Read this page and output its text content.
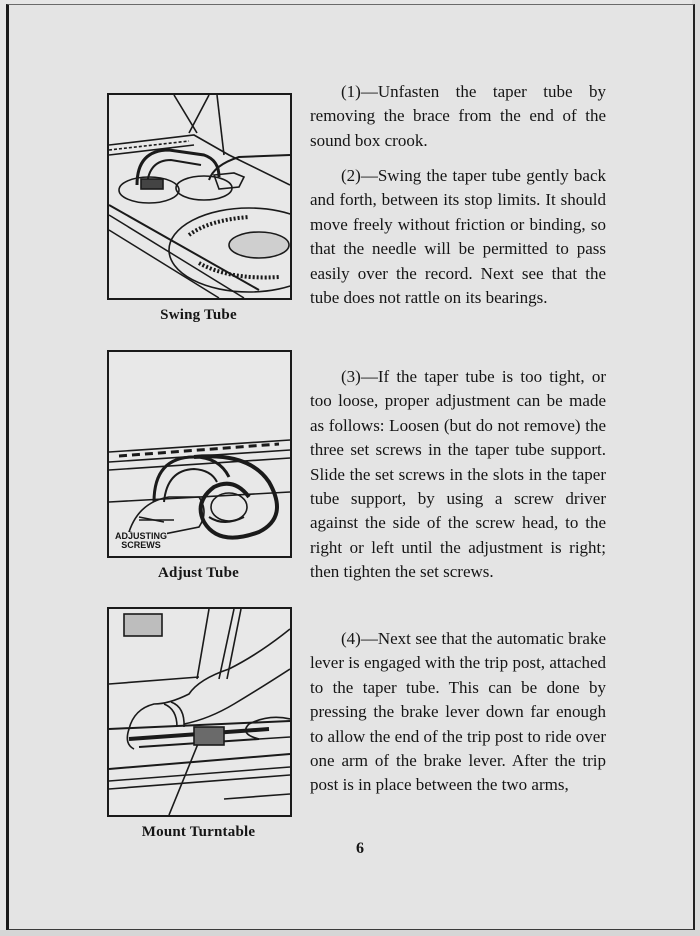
Swing Tube
ADJUSTING
SCREWS
Adjust Tube
Mount Turntable

(1)—Unfasten the taper tube by removing the brace from the end of the sound box crook.

(2)—Swing the taper tube gently back and forth, between its stop limits. It should move freely without friction or binding, so that the needle will be permitted to pass easily over the record. Next see that the tube does not rattle on its bearings.

(3)—If the taper tube is too tight, or too loose, proper adjustment can be made as follows: Loosen (but do not remove) the three set screws in the taper tube support. Slide the set screws in the slots in the taper tube support, by using a screw driver against the side of the screw head, to the right or left until the adjustment is right; then tighten the set screws.

(4)—Next see that the automatic brake lever is engaged with the trip post, attached to the taper tube. This can be done by pressing the brake lever down far enough to allow the end of the trip post to ride over one arm of the brake lever. After the trip post is in place between the two arms,

6
